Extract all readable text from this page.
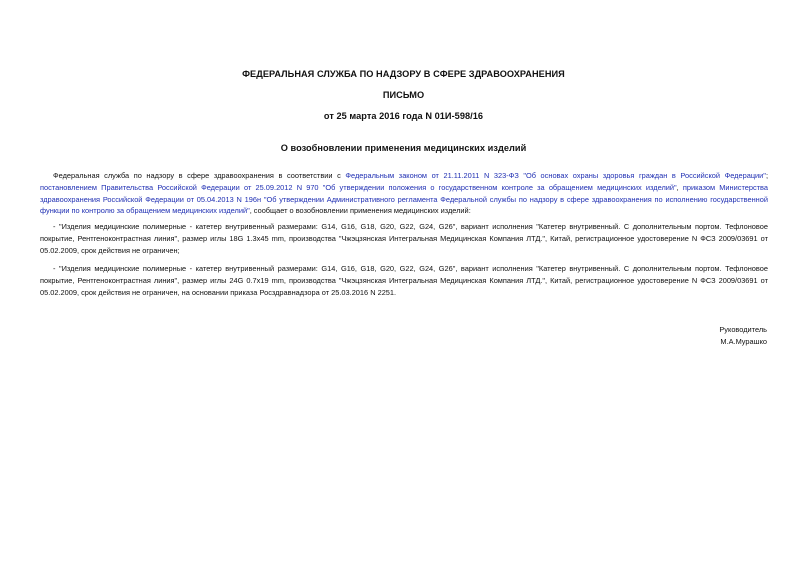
ФЕДЕРАЛЬНАЯ СЛУЖБА ПО НАДЗОРУ В СФЕРЕ ЗДРАВООХРАНЕНИЯ
ПИСЬМО
от 25 марта 2016 года N 01И-598/16
О возобновлении применения медицинских изделий

Федеральная служба по надзору в сфере здравоохранения в соответствии с Федеральным законом от 21.11.2011 N 323-ФЗ "Об основах охраны здоровья граждан в Российской Федерации"; постановлением Правительства Российской Федерации от 25.09.2012 N 970 "Об утверждении положения о государственном контроле за обращением медицинских изделий", приказом Министерства здравоохранения Российской Федерации от 05.04.2013 N 196н "Об утверждении Административного регламента Федеральной службы по надзору в сфере здравоохранения по исполнению государственной функции по контролю за обращением медицинских изделий", сообщает о возобновлении применения медицинских изделий:

- "Изделия медицинские полимерные - катетер внутривенный размерами: G14, G16, G18, G20, G22, G24, G26", вариант исполнения "Катетер внутривенный. С дополнительным портом. Тефлоновое покрытие, Рентгеноконтрастная линия", размер иглы 18G 1.3x45 mm, производства "Чжэцзянская Интегральная Медицинская Компания ЛТД.", Китай, регистрационное удостоверение N ФСЗ 2009/03691 от 05.02.2009, срок действия не ограничен;

- "Изделия медицинские полимерные - катетер внутривенный размерами: G14, G16, G18, G20, G22, G24, G26", вариант исполнения "Катетер внутривенный. С дополнительным портом. Тефлоновое покрытие, Рентгеноконтрастная линия", размер иглы 24G 0.7x19 mm, производства "Чжэцзянская Интегральная Медицинская Компания ЛТД.", Китай, регистрационное удостоверение N ФСЗ 2009/03691 от 05.02.2009, срок действия не ограничен, на основании приказа Росздравнадзора от 25.03.2016 N 2251.

Руководитель
М.А.Мурашко
